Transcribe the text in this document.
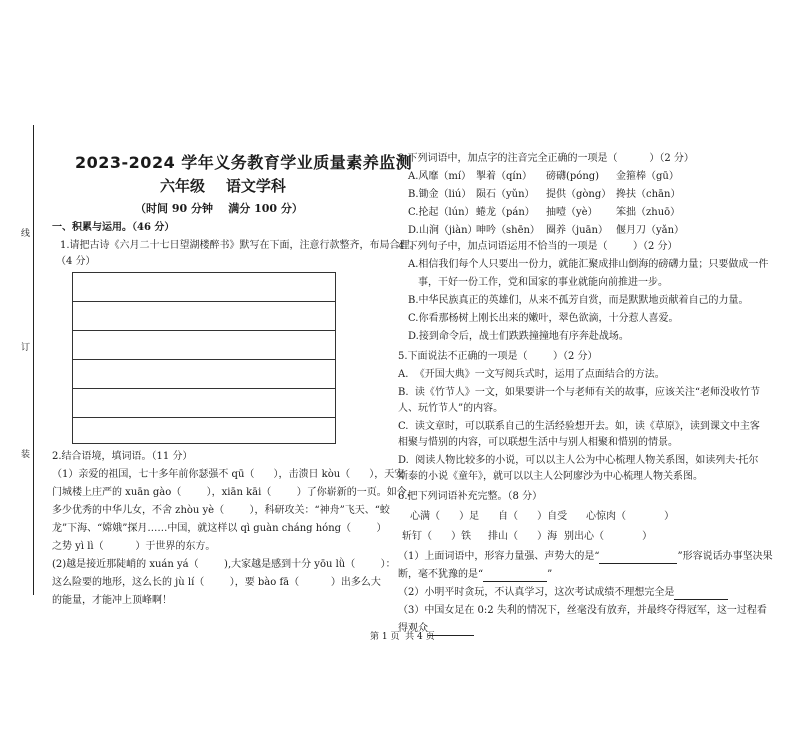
线
订
装
2023-2024 学年义务教育学业质量素养监测
六年级    语文学科
（时间 90 分钟    满分 100 分）
一、积累与运用。（46 分）
1.请把古诗《六月二十七日望湖楼醉书》默写在下面，注意行款整齐，布局合理。
（4 分）
2.结合语境，填词语。（11 分）
（1）亲爱的祖国，七十多年前你瑟强不 qū（      ），击溃日 kòu（      ），天安
门城楼上庄严的 xuān gào（        ），xiān kāi（        ）了你崭新的一页。如今，
多少优秀的中华儿女，不舍 zhòu yè（        ），科研攻关：“神舟”飞天、“蛟
龙”下海、“嫦娥”探月……中国，就这样以 qì guàn cháng hóng（        ）
之势 yì lì（          ）于世界的东方。
(2)越是接近那陡峭的 xuán yá（        ),大家越是感到十分 yōu lǜ（        ）：
这么险要的地形，这么长的 jù lí（        ），要 bào fā（          ）出多么大
的能量，才能冲上顶峰啊！
3.下列词语中，加点字的注音完全正确的一项是（          ）（2 分）
A.风靡（mí） 掣着（qín） 磅礴(póng) 金箍棒（gū）
B.锄金（liú） 陨石（yǔn） 提供（gòng） 搀扶（chān）
C.抡起（lún） 蜷龙（pán） 抽噎（yè） 笨拙（zhuō）
D.山涧（jiàn）
呻吟（shēn） 圈养（juān） 偃月刀（yǎn）
4.下列句子中，加点词语运用不恰当的一项是（        ）（2 分）
A.相信我们每个人只要出一份力，就能汇聚成排山倒海的磅礴力量；只要做成一件
事，干好一份工作，党和国家的事业就能向前推进一步。
B.中华民族真正的英雄们，从来不孤芳自赏，而是默默地贡献着自己的力量。
C.你看那杨树上刚长出来的嫩叶，翠色欲滴，十分惹人喜爱。
D.接到命令后，战士们跌跌撞撞地有序奔赴战场。
5.下面说法不正确的一项是（        ）（2 分）
A.  《开国大典》一文写阅兵式时，运用了点面结合的方法。
B.  读《竹节人》一文，如果要讲一个与老师有关的故事，应该关注“老师没收竹节
人、玩竹节人”的内容。
C.  读文章时，可以联系自己的生活经验想开去。如，读《草原》，读到课文中主客
相聚与惜别的内容，可以联想生活中与别人相聚和惜别的情景。
D.  阅读人物比较多的小说，可以以主人公为中心梳理人物关系图，如读列夫·托尔
斯泰的小说《童年》，就可以以主人公阿廖沙为中心梳理人物关系图。
6.把下列词语补充完整。（8 分）
心满（      ）足 自（      ）自受 心惊肉（            ）
斩钉（      ）铁 排山（      ）海 别出心（            ）
（1）上面词语中，形容力量强、声势大的是“	”形容说话办事坚决果
断，毫不犹豫的是“	”
（2）小明平时贪玩，不认真学习，这次考试成绩不理想完全是
（3）中国女足在 0:2 失利的情况下，丝毫没有放弃，并最终夺得冠军，这一过程看
得观众
第 1 页  共 4 页
